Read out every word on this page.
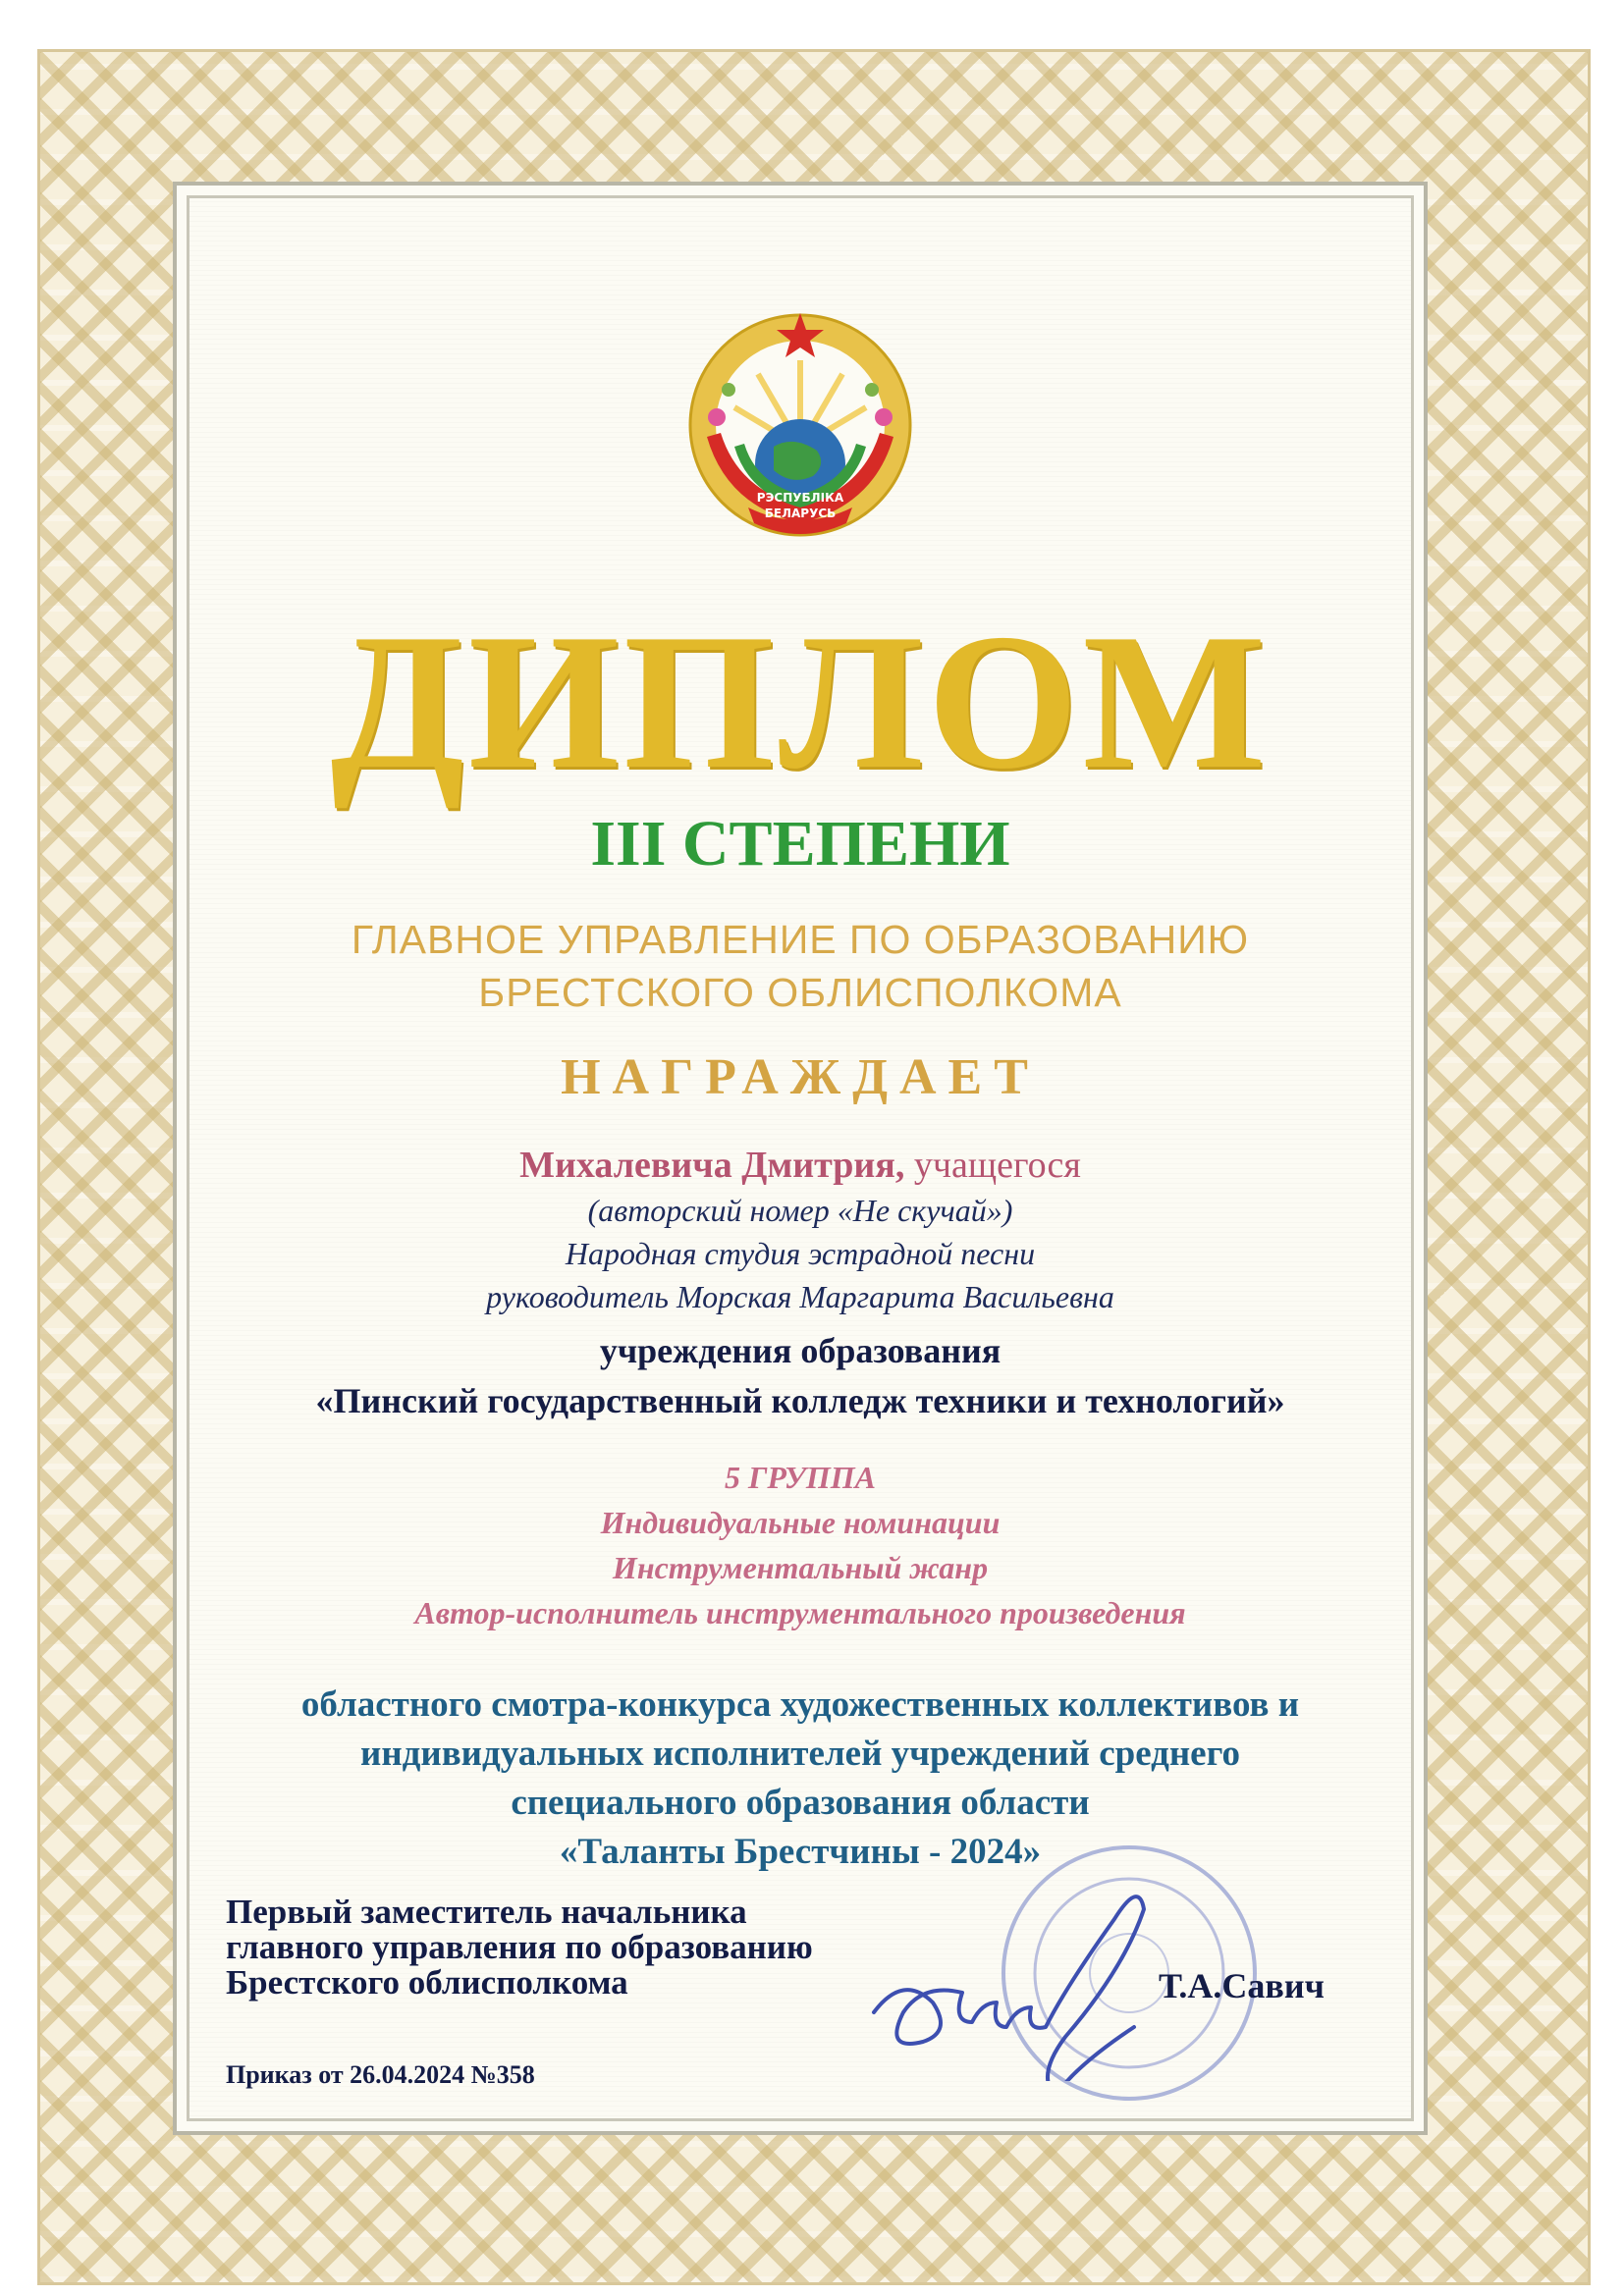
РЭСПУБЛІКА
БЕЛАРУСЬ
ДИПЛОМ
III СТЕПЕНИ
ГЛАВНОЕ УПРАВЛЕНИЕ ПО ОБРАЗОВАНИЮ
БРЕСТСКОГО ОБЛИСПОЛКОМА
НАГРАЖДАЕТ
Михалевича Дмитрия, учащегося
(авторский номер «Не скучай»)
Народная студия эстрадной песни
руководитель Морская Маргарита Васильевна
учреждения образования
«Пинский государственный колледж техники и технологий»
5 ГРУППА
Индивидуальные номинации
Инструментальный жанр
Автор-исполнитель инструментального произведения
областного смотра-конкурса художественных коллективов и
индивидуальных исполнителей учреждений среднего
специального образования области
«Таланты Брестчины - 2024»
Первый заместитель начальника
главного управления по образованию
Брестского облисполкома	Т.А.Савич
Приказ от 26.04.2024 №358
